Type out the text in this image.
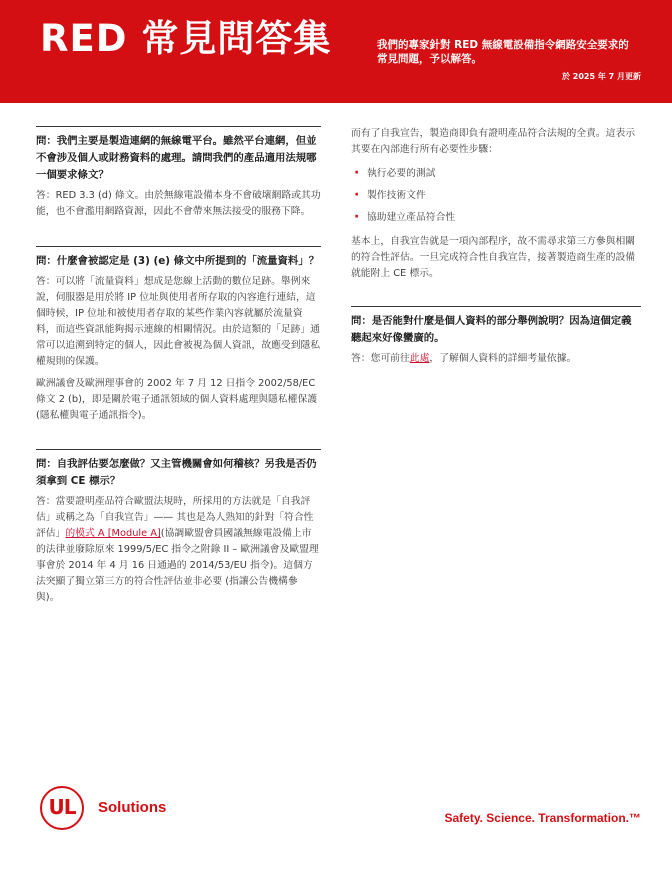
RED 常見問答集	我們的專家針對 RED 無線電設備指令網路安全要求的常見問題，予以解答。
於 2025 年 7 月更新
問：我們主要是製造連網的無線電平台。雖然平台連網，但並不會涉及個人或財務資料的處理。請問我們的產品適用法規哪一個要求條文？
答：RED 3.3 (d) 條文。由於無線電設備本身不會破壞網路或其功能，也不會濫用網路資源，因此不會帶來無法接受的服務下降。
問：什麼會被認定是 (3) (e) 條文中所提到的「流量資料」？
答：可以將「流量資料」想成是您線上活動的數位足跡。舉例來說，伺服器是用於將 IP 位址與使用者所存取的內容進行連結，這個時候，IP 位址和被使用者存取的某些作業內容就屬於流量資料，而這些資訊能夠揭示連線的相關情況。由於這類的「足跡」通常可以追溯到特定的個人，因此會被視為個人資訊，故應受到隱私權規則的保護。
歐洲議會及歐洲理事會的 2002 年 7 月 12 日指令 2002/58/EC 條文 2 (b)，即是關於電子通訊領域的個人資料處理與隱私權保護 (隱私權與電子通訊指令)。
問：自我評估要怎麼做？又主管機關會如何稽核？另我是否仍須拿到 CE 標示？
答：當要證明產品符合歐盟法規時，所採用的方法就是「自我評估」或稱之為「自我宣告」—— 其也是為人熟知的針對「符合性評估」的模式 A [Module A](協調歐盟會員國議無線電設備上市的法律並廢除原來 1999/5/EC 指令之附錄 II – 歐洲議會及歐盟理事會於 2014 年 4 月 16 日通過的 2014/53/EU 指令)。這個方法突顯了獨立第三方的符合性評估並非必要 (指讓公告機構參與)。
而有了自我宣告，製造商即負有證明產品符合法規的全責。這表示其要在內部進行所有必要性步驟：
· 執行必要的測試
· 製作技術文件
· 協助建立產品符合性
基本上，自我宣告就是一項內部程序，故不需尋求第三方參與相關的符合性評估。一旦完成符合性自我宣告，接著製造商生產的設備就能附上 CE 標示。
問：是否能對什麼是個人資料的部分舉例說明？因為這個定義聽起來好像蠻廣的。
答：您可前往此處，了解個人資料的詳細考量依據。
UL	Solutions
Safety. Science. Transformation.™
